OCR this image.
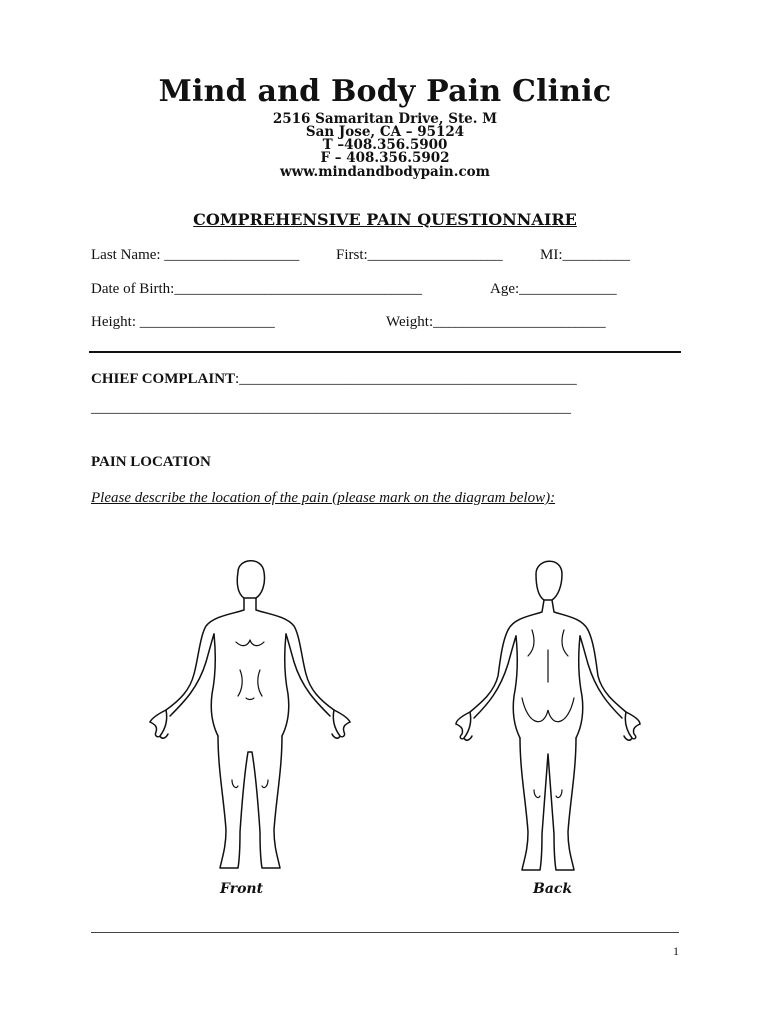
Mind and Body Pain Clinic
2516 Samaritan Drive, Ste. M
San Jose, CA – 95124
T –408.356.5900
F – 408.356.5902
www.mindandbodypain.com
COMPREHENSIVE PAIN QUESTIONNAIRE
Last Name: __________________ First:__________________ MI:_________
Date of Birth:_________________________________	Age:_____________
Height: __________________	Weight:_______________________
CHIEF COMPLAINT:_____________________________________________
________________________________________________________________
PAIN LOCATION
Please describe the location of the pain (please mark on the diagram below):
Front	Back
1
